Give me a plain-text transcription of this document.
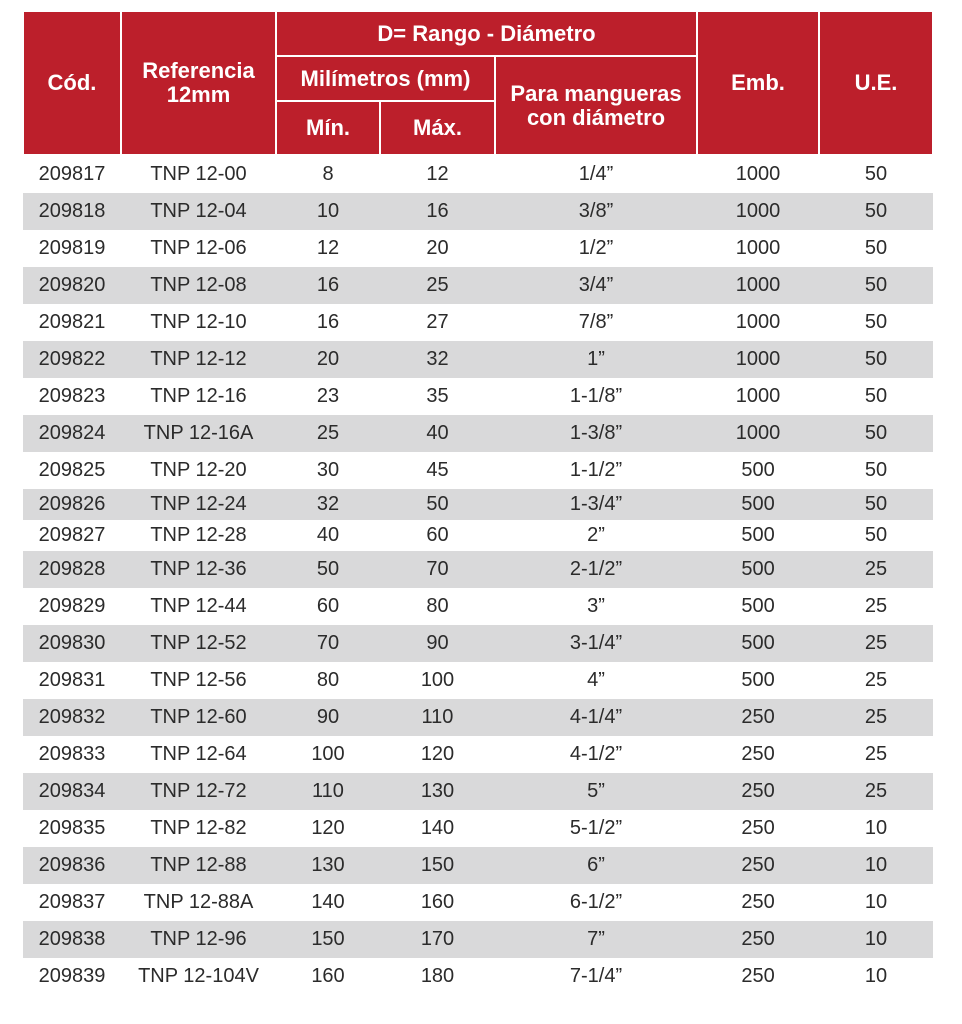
Cód.	Referencia 12mm	D= Rango - Diámetro			Emb.	U.E.
		Milímetros (mm)		Para mangueras con diámetro		
		Mín.	Máx.			
209817	TNP 12-00	8	12	1/4”	1000	50
209818	TNP 12-04	10	16	3/8”	1000	50
209819	TNP 12-06	12	20	1/2”	1000	50
209820	TNP 12-08	16	25	3/4”	1000	50
209821	TNP 12-10	16	27	7/8”	1000	50
209822	TNP 12-12	20	32	1”	1000	50
209823	TNP 12-16	23	35	1-1/8”	1000	50
209824	TNP 12-16A	25	40	1-3/8”	1000	50
209825	TNP 12-20	30	45	1-1/2”	500	50
209826	TNP 12-24	32	50	1-3/4”	500	50
209827	TNP 12-28	40	60	2”	500	50
209828	TNP 12-36	50	70	2-1/2”	500	25
209829	TNP 12-44	60	80	3”	500	25
209830	TNP 12-52	70	90	3-1/4”	500	25
209831	TNP 12-56	80	100	4”	500	25
209832	TNP 12-60	90	110	4-1/4”	250	25
209833	TNP 12-64	100	120	4-1/2”	250	25
209834	TNP 12-72	110	130	5”	250	25
209835	TNP 12-82	120	140	5-1/2”	250	10
209836	TNP 12-88	130	150	6”	250	10
209837	TNP 12-88A	140	160	6-1/2”	250	10
209838	TNP 12-96	150	170	7”	250	10
209839	TNP 12-104V	160	180	7-1/4”	250	10
